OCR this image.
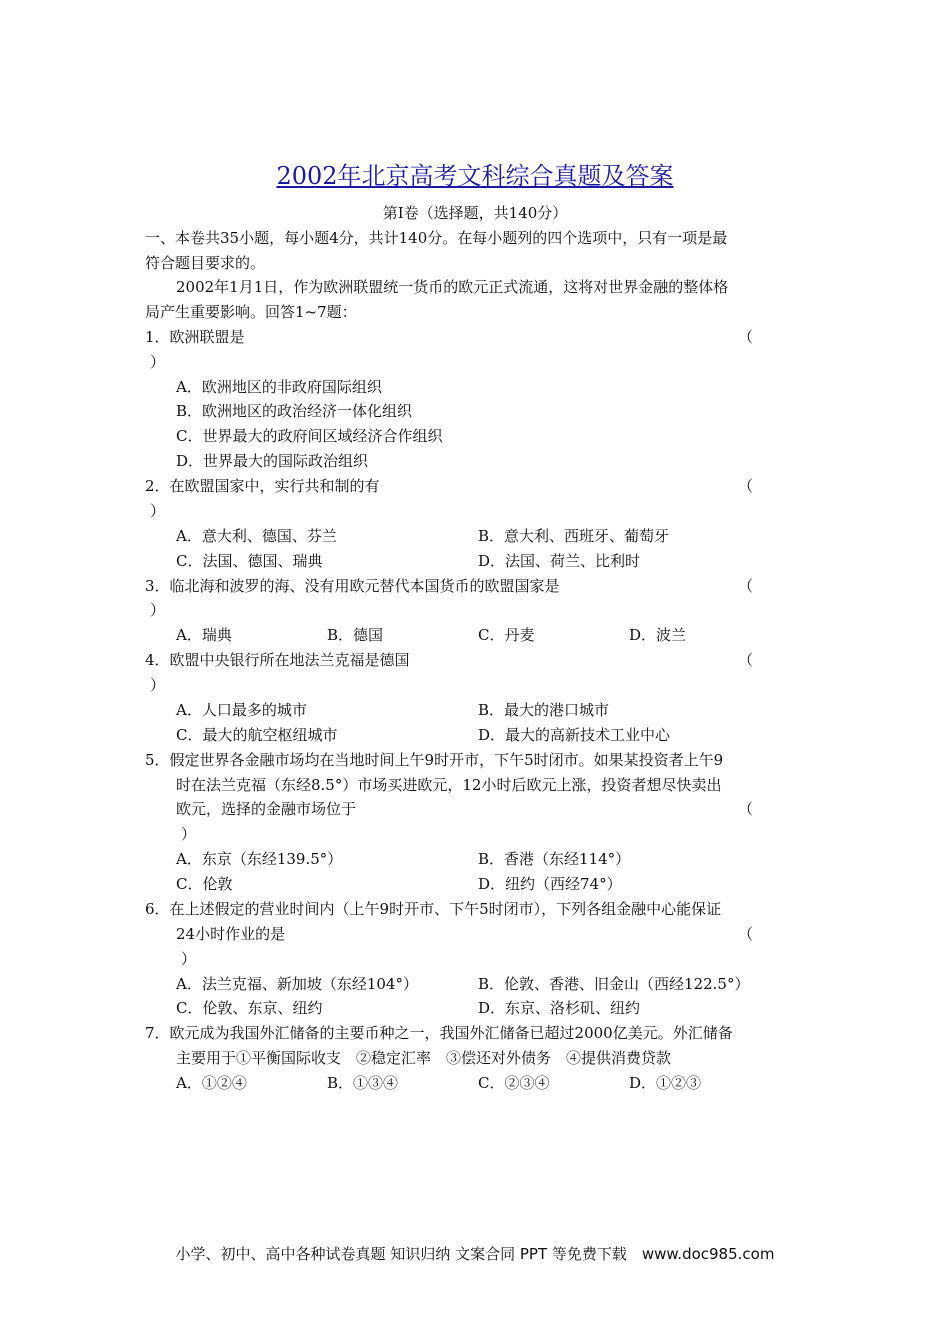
2002年北京高考文科综合真题及答案
第Ⅰ卷（选择题，共140分）
一、本卷共35小题，每小题4分，共计140分。在每小题列的四个选项中，只有一项是最
符合题目要求的。
2002年1月1日，作为欧洲联盟统一货币的欧元正式流通，这将对世界金融的整体格
局产生重要影响。回答1~7题：
1．欧洲联盟是	（
）
A．欧洲地区的非政府国际组织
B．欧洲地区的政治经济一体化组织
C．世界最大的政府间区域经济合作组织
D．世界最大的国际政治组织
2．在欧盟国家中，实行共和制的有	（
）
A．意大利、德国、芬兰	B．意大利、西班牙、葡萄牙
C．法国、德国、瑞典	D．法国、荷兰、比利时
3．临北海和波罗的海、没有用欧元替代本国货币的欧盟国家是	（
）
A．瑞典	B．德国	C．丹麦	D．波兰
4．欧盟中央银行所在地法兰克福是德国	（
）
A．人口最多的城市	B．最大的港口城市
C．最大的航空枢纽城市	D．最大的高新技术工业中心
5．假定世界各金融市场均在当地时间上午9时开市，下午5时闭市。如果某投资者上午9
时在法兰克福（东经8.5°）市场买进欧元，12小时后欧元上涨，投资者想尽快卖出
欧元，选择的金融市场位于	（
）
A．东京（东经139.5°）	B．香港（东经114°）
C．伦敦	D．纽约（西经74°）
6．在上述假定的营业时间内（上午9时开市、下午5时闭市），下列各组金融中心能保证
24小时作业的是	（
）
A．法兰克福、新加坡（东经104°）	B．伦敦、香港、旧金山（西经122.5°）
C．伦敦、东京、纽约	D．东京、洛杉矶、纽约
7．欧元成为我国外汇储备的主要币种之一，我国外汇储备已超过2000亿美元。外汇储备
主要用于①平衡国际收支　②稳定汇率　③偿还对外债务　④提供消费贷款
A．①②④	B．①③④	C．②③④	D．①②③
小学、初中、高中各种试卷真题 知识归纳 文案合同 PPT 等免费下载　www.doc985.com
